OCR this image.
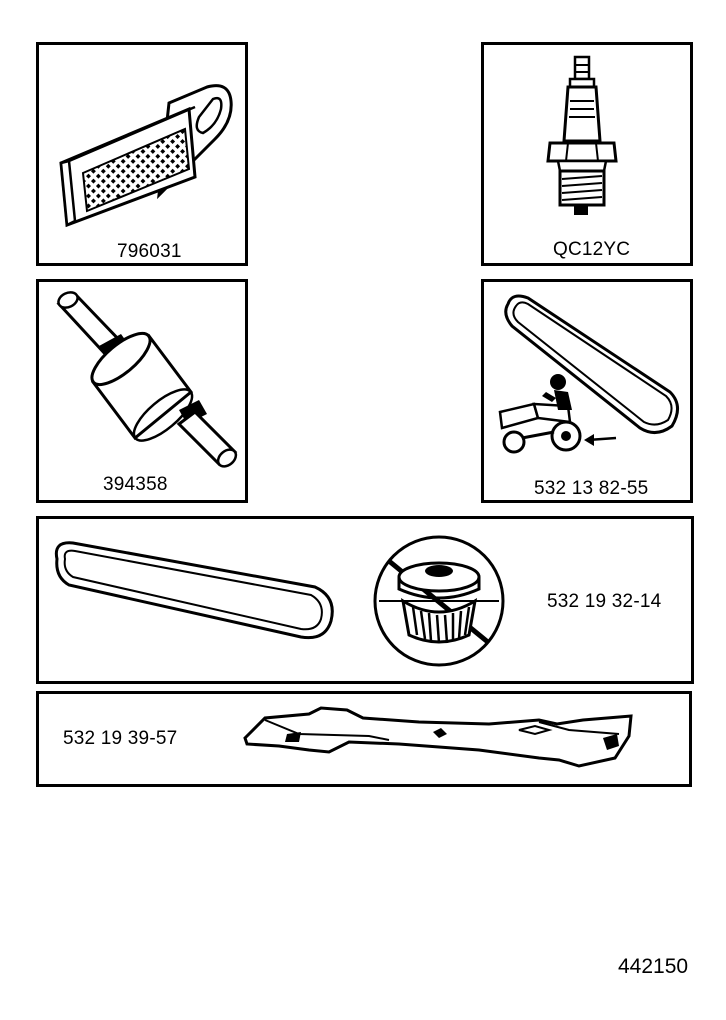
796031	QC12YC
394358	532 13 82-55
532 19 32-14
532 19 39-57
442150
